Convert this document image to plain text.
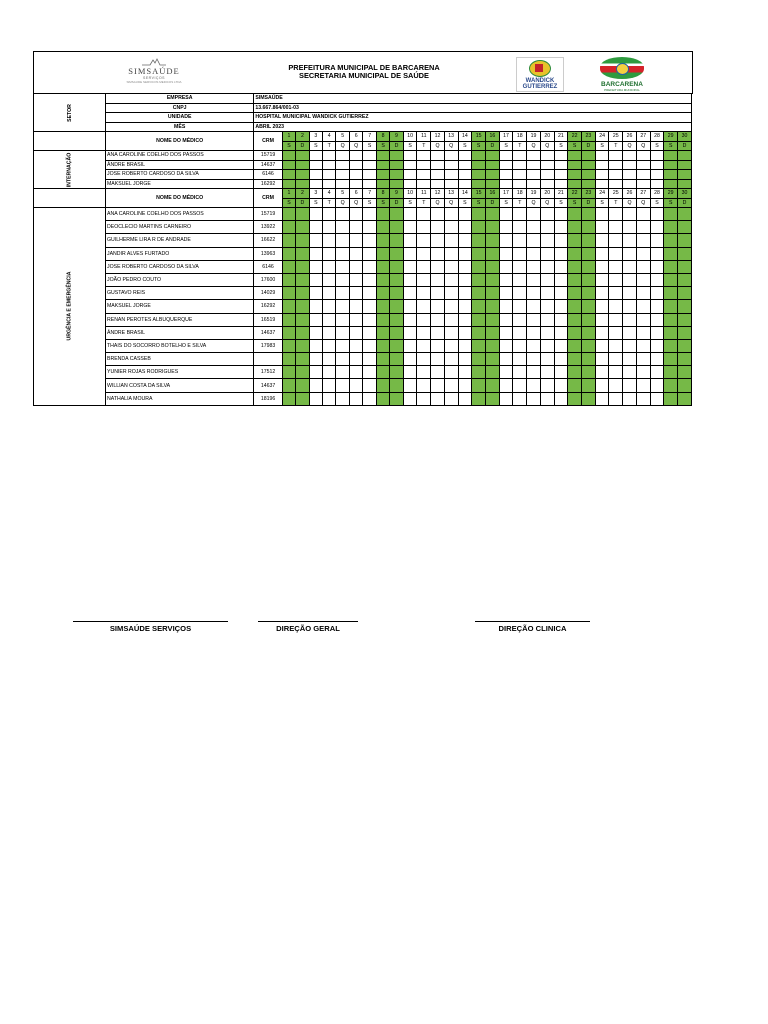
SIMSAÚDE
SERVIÇOS
SIMSAUDE SERVICOS MEDICOS LTDA
PREFEITURA MUNICIPAL DE BARCARENA
SECRETARIA MUNICIPAL DE SAÚDE
WANDICK
GUTIERREZ	BARCARENA
PREFEITURA MUNICIPAL
SETOR	EMPRESA	SIMSAÚDE																														
	CNPJ	13.667.864/001-03																														
	UNIDADE	HOSPITAL MUNICIPAL WANDICK GUTIERREZ																														
	MÊS	ABRIL 2023																														
	NOME DO MÉDICO	CRM	1	2	3	4	5	6	7	8	9	10	11	12	13	14	15	16	17	18	19	20	21	22	23	24	25	26	27	28	29	30
			S	D	S	T	Q	Q	S	S	D	S	T	Q	Q	S	S	D	S	T	Q	Q	S	S	D	S	T	Q	Q	S	S	D
INTERNAÇÃO	ANA CAROLINE COELHO DOS PASSOS	15719																														
	ÂNDRE BRASIL	14637																														
	JOSE ROBERTO CARDOSO DA SILVA	6146																														
	MAKSUEL JORGE	16292																														
	NOME DO MÉDICO	CRM	1	2	3	4	5	6	7	8	9	10	11	12	13	14	15	16	17	18	19	20	21	22	23	24	25	26	27	28	29	30
			S	D	S	T	Q	Q	S	S	D	S	T	Q	Q	S	S	D	S	T	Q	Q	S	S	D	S	T	Q	Q	S	S	D
URGÊNCIA E EMERGÊNCIA	ANA CAROLINE COELHO DOS PASSOS	15719																														
	DEOCLECIO MARTINS CARNEIRO	13922																														
	GUILHERME LIRA R DE ANDRADE	16622																														
	JANDIR ALVES FURTADO	13963																														
	JOSE ROBERTO CARDOSO DA SILVA	6146																														
	JOÃO PEDRO COUTO	17600																														
	GUSTAVO REIS	14029																														
	MAKSUEL JORGE	16292																														
	RENAN PEROTES ALBUQUERQUE	16519																														
	ÂNDRE BRASIL	14637																														
	THAIS DO SOCORRO BOTELHO E SILVA	17983																														
	BRENDA CASSEB																															
	YUNIER ROJAS RODRIGUES	17512																														
	WILLIAN COSTA DA SILVA	14637																														
	NATHALIA MOURA	18196																														
SIMSAÚDE SERVIÇOS	DIREÇÃO GERAL	DIREÇÃO CLINICA
